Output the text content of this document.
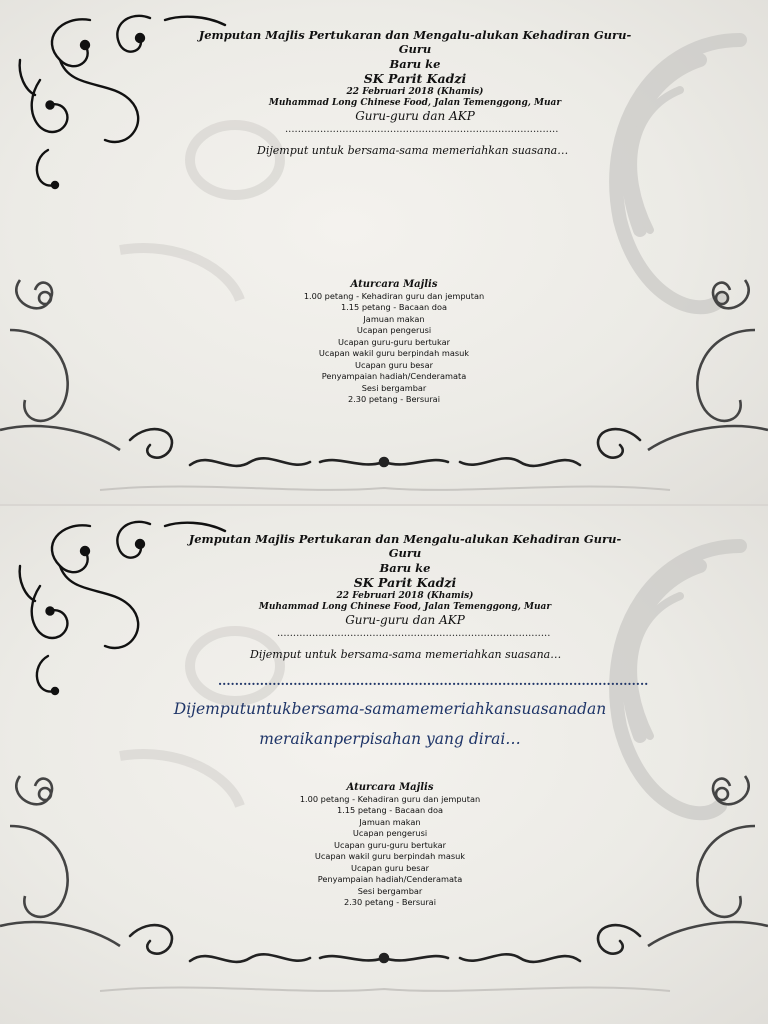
Jemputan Majlis Pertukaran dan Mengalu-alukan Kehadiran Guru-Guru
Baru ke
SK Parit Kadzi
22 Februari 2018 (Khamis)
Muhammad Long Chinese Food, Jalan Temenggong, Muar
Guru-guru dan AKP
......................................................................................
Dijemput untuk bersama-sama memeriahkan suasana…
Aturcara Majlis
1.00 petang - Kehadiran guru dan jemputan
1.15 petang - Bacaan doa
Jamuan makan
Ucapan pengerusi
Ucapan guru-guru bertukar
Ucapan wakil guru berpindah masuk
Ucapan guru besar
Penyampaian hadiah/Cenderamata
Sesi bergambar
2.30 petang - Bersurai
Jemputan Majlis Pertukaran dan Mengalu-alukan Kehadiran Guru-Guru
Baru ke
SK Parit Kadzi
22 Februari 2018 (Khamis)
Muhammad Long Chinese Food, Jalan Temenggong, Muar
Guru-guru dan AKP
......................................................................................
Dijemput untuk bersama-sama memeriahkan suasana…
.......................................................................................................
Dijemputuntukbersama-samamemeriahkansuasanadanmeraikanperpisahan yang dirai…
Aturcara Majlis
1.00 petang - Kehadiran guru dan jemputan
1.15 petang - Bacaan doa
Jamuan makan
Ucapan pengerusi
Ucapan guru-guru bertukar
Ucapan wakil guru berpindah masuk
Ucapan guru besar
Penyampaian hadiah/Cenderamata
Sesi bergambar
2.30 petang - Bersurai
